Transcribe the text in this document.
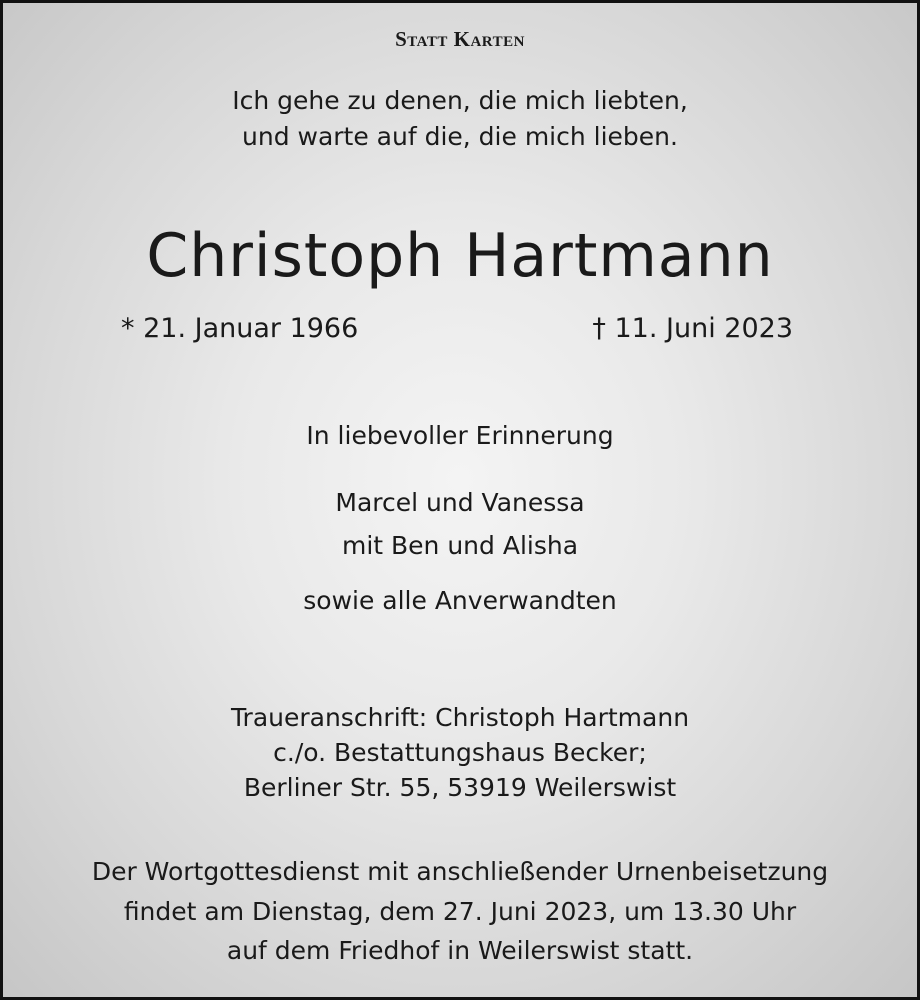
Statt Karten
Ich gehe zu denen, die mich liebten,
und warte auf die, die mich lieben.
Christoph Hartmann
* 21. Januar 1966	† 11. Juni 2023
In liebevoller Erinnerung
Marcel und Vanessa
mit Ben und Alisha
sowie alle Anverwandten
Traueranschrift: Christoph Hartmann
c./o. Bestattungshaus Becker;
Berliner Str. 55, 53919 Weilerswist
Der Wortgottesdienst mit anschließender Urnenbeisetzung
findet am Dienstag, dem 27. Juni 2023, um 13.30 Uhr
auf dem Friedhof in Weilerswist statt.
